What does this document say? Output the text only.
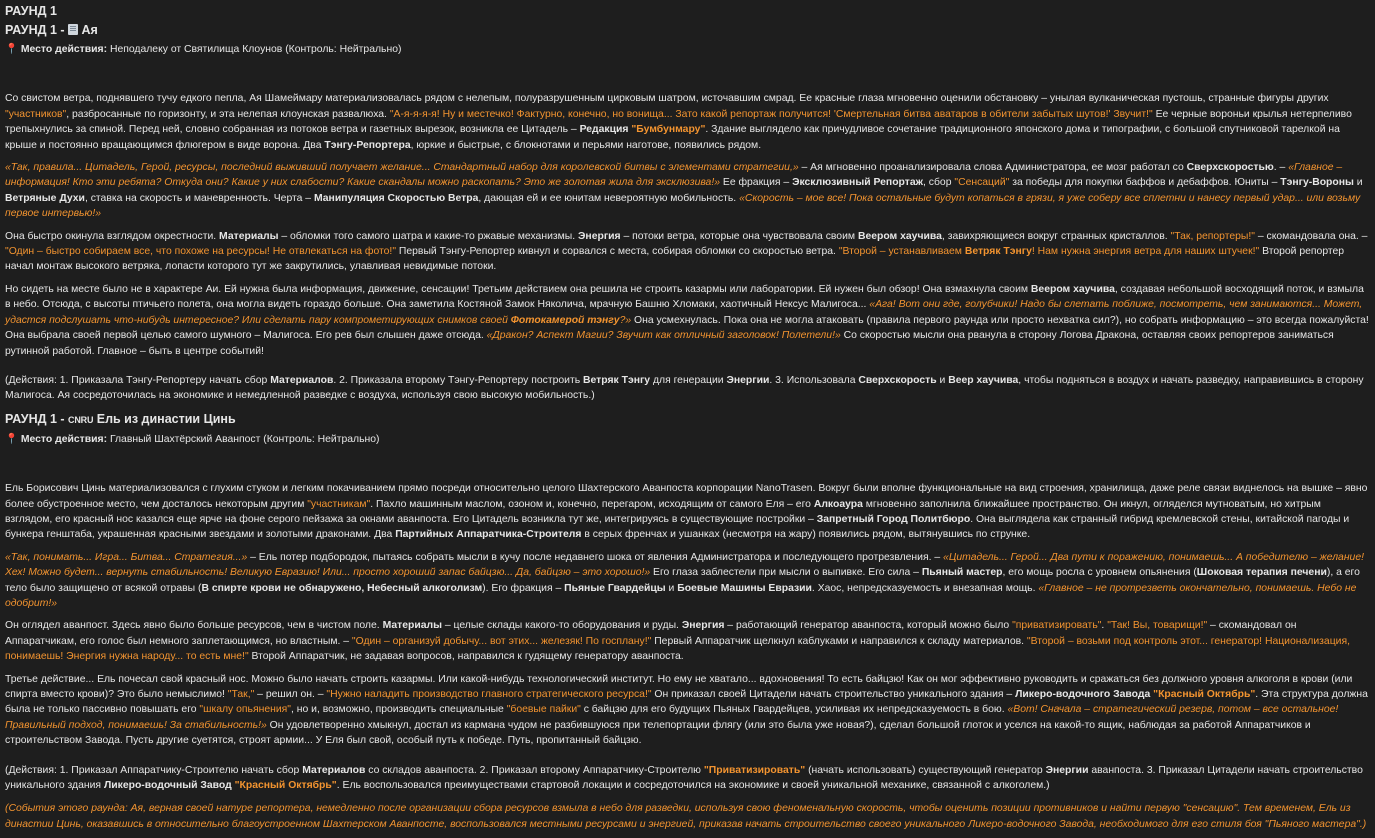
РАУНД 1
РАУНД 1 - Ая
📍 Место действия: Неподалеку от Святилища Клоунов (Контроль: Нейтрально)

Со свистом ветра, поднявшего тучу едкого пепла, Ая Шамеймару материализовалась рядом с нелепым, полуразрушенным цирковым шатром, источавшим смрад. Ее красные глаза мгновенно оценили обстановку – унылая вулканическая пустошь, странные фигуры других "участников", разбросанные по горизонту, и эта нелепая клоунская развалюха. "А-я-я-я-я! Ну и местечко! Фактурно, конечно, но вонища... Зато какой репортаж получится! 'Смертельная битва аватаров в обители забытых шутов!' Звучит!" Ее черные вороньи крылья нетерпеливо трепыхнулись за спиной. Перед ней, словно собранная из потоков ветра и газетных вырезок, возникла ее Цитадель – Редакция "Бумбунмару". Здание выглядело как причудливое сочетание традиционного японского дома и типографии, с большой спутниковой тарелкой на крыше и постоянно вращающимся флюгером в виде ворона. Два Тэнгу-Репортера, юркие и быстрые, с блокнотами и перьями наготове, появились рядом.

«Так, правила... Цитадель, Герой, ресурсы, последний выживший получает желание... Стандартный набор для королевской битвы с элементами стратегии,» – Ая мгновенно проанализировала слова Администратора, ее мозг работал со Сверхскоростью. – «Главное – информация! Кто эти ребята? Откуда они? Какие у них слабости? Какие скандалы можно раскопать? Это же золотая жила для эксклюзива!» Ее фракция – Эксклюзивный Репортаж, сбор "Сенсаций" за победы для покупки баффов и дебаффов. Юниты – Тэнгу-Вороны и Ветряные Духи, ставка на скорость и маневренность. Черта – Манипуляция Скоростью Ветра, дающая ей и ее юнитам невероятную мобильность. «Скорость – мое все! Пока остальные будут копаться в грязи, я уже соберу все сплетни и нанесу первый удар... или возьму первое интервью!»

Она быстро окинула взглядом окрестности. Материалы – обломки того самого шатра и какие-то ржавые механизмы. Энергия – потоки ветра, которые она чувствовала своим Веером хаучива, завихряющиеся вокруг странных кристаллов. "Так, репортеры!" – скомандовала она. – "Один – быстро собираем все, что похоже на ресурсы! Не отвлекаться на фото!" Первый Тэнгу-Репортер кивнул и сорвался с места, собирая обломки со скоростью ветра. "Второй – устанавливаем Ветряк Тэнгу! Нам нужна энергия ветра для наших штучек!" Второй репортер начал монтаж высокого ветряка, лопасти которого тут же закрутились, улавливая невидимые потоки.

Но сидеть на месте было не в характере Аи. Ей нужна была информация, движение, сенсации! Третьим действием она решила не строить казармы или лаборатории. Ей нужен был обзор! Она взмахнула своим Веером хаучива, создавая небольшой восходящий поток, и взмыла в небо. Отсюда, с высоты птичьего полета, она могла видеть гораздо больше. Она заметила Костяной Замок Няколича, мрачную Башню Хломаки, хаотичный Нексус Малигоса... «Ага! Вот они где, голубчики! Надо бы слетать поближе, посмотреть, чем занимаются... Может, удастся подслушать что-нибудь интересное? Или сделать пару компрометирующих снимков своей Фотокамерой тэнгу?» Она усмехнулась. Пока она не могла атаковать (правила первого раунда или просто нехватка сил?), но собрать информацию – это всегда пожалуйста! Она выбрала своей первой целью самого шумного – Малигоса. Его рев был слышен даже отсюда. «Дракон? Аспект Магии? Звучит как отличный заголовок! Полетели!» Со скоростью мысли она рванула в сторону Логова Дракона, оставляя своих репортеров заниматься рутинной работой. Главное – быть в центре событий!

(Действия: 1. Приказала Тэнгу-Репортеру начать сбор Материалов. 2. Приказала второму Тэнгу-Репортеру построить Ветряк Тэнгу для генерации Энергии. 3. Использовала Сверхскорость и Веер хаучива, чтобы подняться в воздух и начать разведку, направившись в сторону Малигоса. Ая сосредоточилась на экономике и немедленной разведке с воздуха, используя свою высокую мобильность.)

РАУНД 1 - CNRU Ель из династии Цинь
📍 Место действия: Главный Шахтёрский Аванпост (Контроль: Нейтрально)

Ель Борисович Цинь материализовался с глухим стуком и легким покачиванием прямо посреди относительно целого Шахтерского Аванпоста корпорации NanoTrasen. Вокруг были вполне функциональные на вид строения, хранилища, даже реле связи виднелось на вышке – явно более обустроенное место, чем досталось некоторым другим "участникам". Пахло машинным маслом, озоном и, конечно, перегаром, исходящим от самого Еля – его Алкоаура мгновенно заполнила ближайшее пространство. Он икнул, огляделся мутноватым, но хитрым взглядом, его красный нос казался еще ярче на фоне серого пейзажа за окнами аванпоста. Его Цитадель возникла тут же, интегрируясь в существующие постройки – Запретный Город Политбюро. Она выглядела как странный гибрид кремлевской стены, китайской пагоды и бункера генштаба, украшенная красными звездами и золотыми драконами. Два Партийных Аппаратчика-Строителя в серых френчах и ушанках (несмотря на жару) появились рядом, вытянувшись по струнке.

«Так, понимать... Игра... Битва... Стратегия...» – Ель потер подбородок, пытаясь собрать мысли в кучу после недавнего шока от явления Администратора и последующего протрезвления. – «Цитадель... Герой... Два пути к поражению, понимаешь... А победителю – желание! Хех! Можно будет... вернуть стабильность! Великую Евразию! Или... просто хороший запас байцзю... Да, байцзю – это хорошо!» Его глаза заблестели при мысли о выпивке. Его сила – Пьяный мастер, его мощь росла с уровнем опьянения (Шоковая терапия печени), а его тело было защищено от всякой отравы (В спирте крови не обнаружено, Небесный алкоголизм). Его фракция – Пьяные Гвардейцы и Боевые Машины Евразии. Хаос, непредсказуемость и внезапная мощь. «Главное – не протрезветь окончательно, понимаешь. Небо не одобрит!»

Он оглядел аванпост. Здесь явно было больше ресурсов, чем в чистом поле. Материалы – целые склады какого-то оборудования и руды. Энергия – работающий генератор аванпоста, который можно было "приватизировать". "Так! Вы, товарищи!" – скомандовал он Аппаратчикам, его голос был немного заплетающимся, но властным. – "Один – организуй добычу... вот этих... железяк! По госплану!" Первый Аппаратчик щелкнул каблуками и направился к складу материалов. "Второй – возьми под контроль этот... генератор! Национализация, понимаешь! Энергия нужна народу... то есть мне!" Второй Аппаратчик, не задавая вопросов, направился к гудящему генератору аванпоста.

Третье действие... Ель почесал свой красный нос. Можно было начать строить казармы. Или какой-нибудь технологический институт. Но ему не хватало... вдохновения! То есть байцзю! Как он мог эффективно руководить и сражаться без должного уровня алкоголя в крови (или спирта вместо крови)? Это было немыслимо! "Так," – решил он. – "Нужно наладить производство главного стратегического ресурса!" Он приказал своей Цитадели начать строительство уникального здания – Ликеро-водочного Завода "Красный Октябрь". Эта структура должна была не только пассивно повышать его "шкалу опьянения", но и, возможно, производить специальные "боевые пайки" с байцзю для его будущих Пьяных Гвардейцев, усиливая их непредсказуемость в бою. «Вот! Сначала – стратегический резерв, потом – все остальное! Правильный подход, понимаешь! За стабильность!» Он удовлетворенно хмыкнул, достал из кармана чудом не разбившуюся при телепортации флягу (или это была уже новая?), сделал большой глоток и уселся на какой-то ящик, наблюдая за работой Аппаратчиков и строительством Завода. Пусть другие суетятся, строят армии... У Еля был свой, особый путь к победе. Путь, пропитанный байцзю.

(Действия: 1. Приказал Аппаратчику-Строителю начать сбор Материалов со складов аванпоста. 2. Приказал второму Аппаратчику-Строителю "Приватизировать" (начать использовать) существующий генератор Энергии аванпоста. 3. Приказал Цитадели начать строительство уникального здания Ликеро-водочный Завод "Красный Октябрь". Ель воспользовался преимуществами стартовой локации и сосредоточился на экономике и своей уникальной механике, связанной с алкоголем.)

(События этого раунда: Ая, верная своей натуре репортера, немедленно после организации сбора ресурсов взмыла в небо для разведки, используя свою феноменальную скорость, чтобы оценить позиции противников и найти первую "сенсацию". Тем временем, Ель из династии Цинь, оказавшись в относительно благоустроенном Шахтерском Аванпосте, воспользовался местными ресурсами и энергией, приказав начать строительство своего уникального Ликеро-водочного Завода, необходимого для его стиля боя "Пьяного мастера".)
